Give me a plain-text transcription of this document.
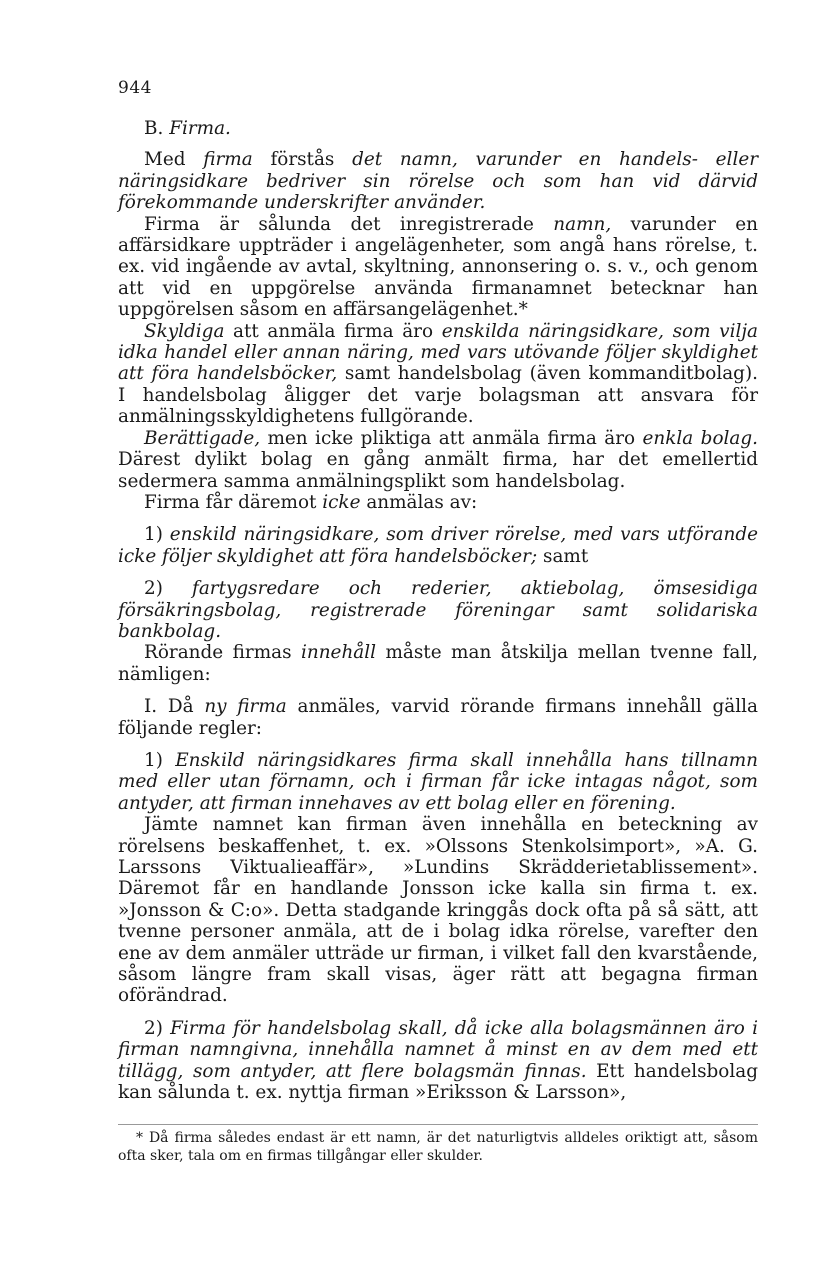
944

B. Firma.

Med firma förstås det namn, varunder en handels- eller näringsidkare bedriver sin rörelse och som han vid därvid förekommande underskrifter använder.

Firma är sålunda det inregistrerade namn, varunder en affärsidkare uppträder i angelägenheter, som angå hans rörelse, t. ex. vid ingående av avtal, skyltning, annonsering o. s. v., och genom att vid en uppgörelse använda firmanamnet betecknar han uppgörelsen såsom en affärsangelägenhet.*

Skyldiga att anmäla firma äro enskilda näringsidkare, som vilja idka handel eller annan näring, med vars utövande följer skyldighet att föra handelsböcker, samt handelsbolag (även kommanditbolag). I handelsbolag åligger det varje bolagsman att ansvara för anmälningsskyldighetens fullgörande.

Berättigade, men icke pliktiga att anmäla firma äro enkla bolag. Därest dylikt bolag en gång anmält firma, har det emellertid sedermera samma anmälningsplikt som handelsbolag.

Firma får däremot icke anmälas av:

1) enskild näringsidkare, som driver rörelse, med vars utförande icke följer skyldighet att föra handelsböcker; samt

2) fartygsredare och rederier, aktiebolag, ömsesidiga försäkringsbolag, registrerade föreningar samt solidariska bankbolag.

Rörande firmas innehåll måste man åtskilja mellan tvenne fall, nämligen:

I. Då ny firma anmäles, varvid rörande firmans innehåll gälla följande regler:

1) Enskild näringsidkares firma skall innehålla hans tillnamn med eller utan förnamn, och i firman får icke intagas något, som antyder, att firman innehaves av ett bolag eller en förening.

Jämte namnet kan firman även innehålla en beteckning av rörelsens beskaffenhet, t. ex. »Olssons Stenkolsimport», »A. G. Larssons Viktualieaffär», »Lundins Skrädderietablissement». Däremot får en handlande Jonsson icke kalla sin firma t. ex. »Jonsson & C:o». Detta stadgande kringgås dock ofta på så sätt, att tvenne personer anmäla, att de i bolag idka rörelse, varefter den ene av dem anmäler utträde ur firman, i vilket fall den kvarstående, såsom längre fram skall visas, äger rätt att begagna firman oförändrad.

2) Firma för handelsbolag skall, då icke alla bolagsmännen äro i firman namngivna, innehålla namnet å minst en av dem med ett tillägg, som antyder, att flere bolagsmän finnas. Ett handelsbolag kan sålunda t. ex. nyttja firman »Eriksson & Larsson»,

* Då firma således endast är ett namn, är det naturligtvis alldeles oriktigt att, såsom ofta sker, tala om en firmas tillgångar eller skulder.
